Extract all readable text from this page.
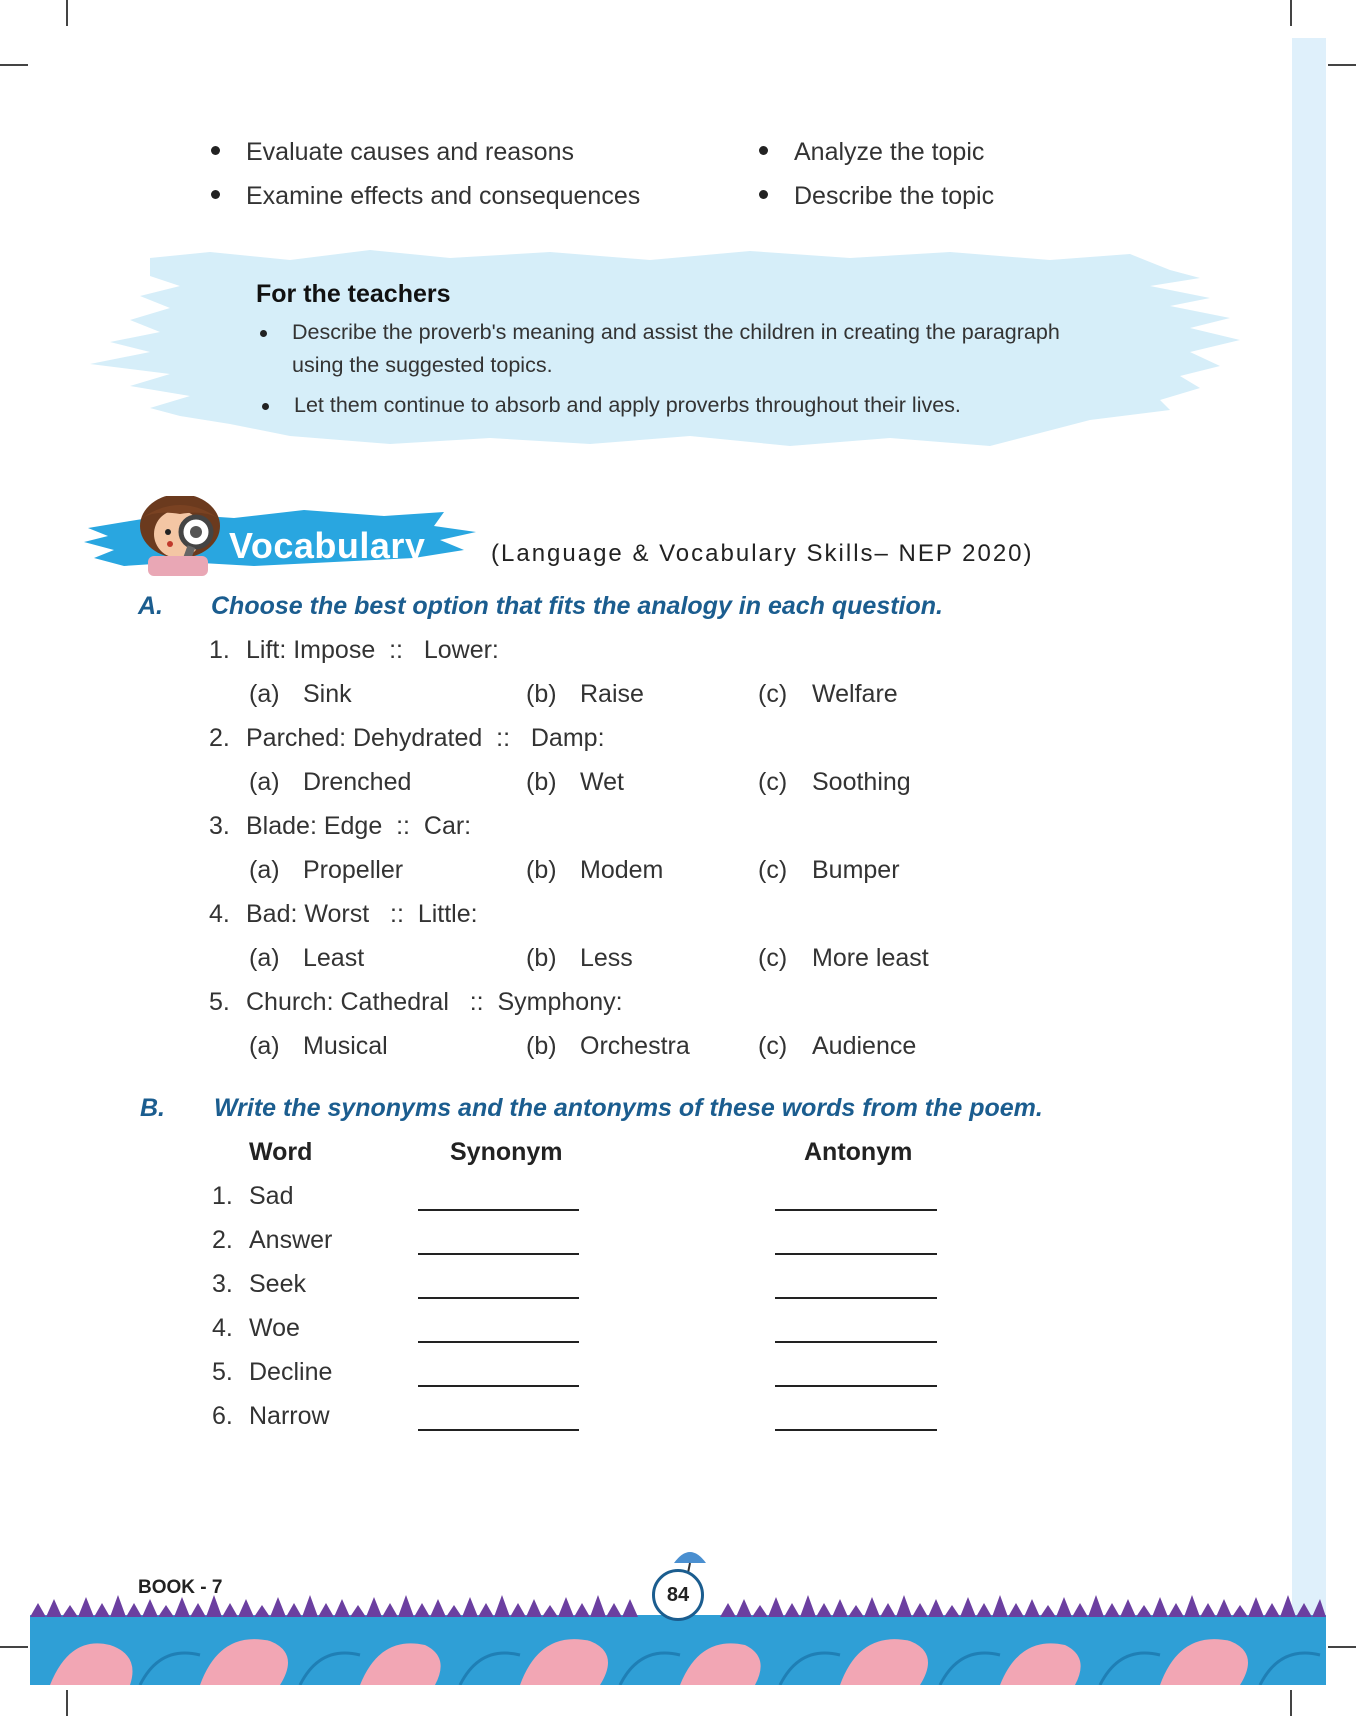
Evaluate causes and reasons
Examine effects and consequences
Analyze the topic
Describe the topic
For the teachers
Describe the proverb's meaning and assist the children in creating the paragraph
using the suggested topics.
Let them continue to absorb and apply proverbs throughout their lives.
Vocabulary	(Language & Vocabulary Skills– NEP 2020)
A. Choose the best option that fits the analogy in each question.
1. Lift: Impose  ::   Lower:
(a) Sink	(b) Raise	(c) Welfare
2. Parched: Dehydrated  ::   Damp:
(a) Drenched	(b) Wet	(c) Soothing
3. Blade: Edge  ::  Car:
(a) Propeller	(b) Modem	(c) Bumper
4. Bad: Worst   ::  Little:
(a) Least	(b) Less	(c) More least
5. Church: Cathedral   ::  Symphony:
(a) Musical	(b) Orchestra	(c) Audience
B. Write the synonyms and the antonyms of these words from the poem.
Word	Synonym	Antonym
1. Sad
2. Answer
3. Seek
4. Woe
5. Decline
6. Narrow
BOOK - 7	84
